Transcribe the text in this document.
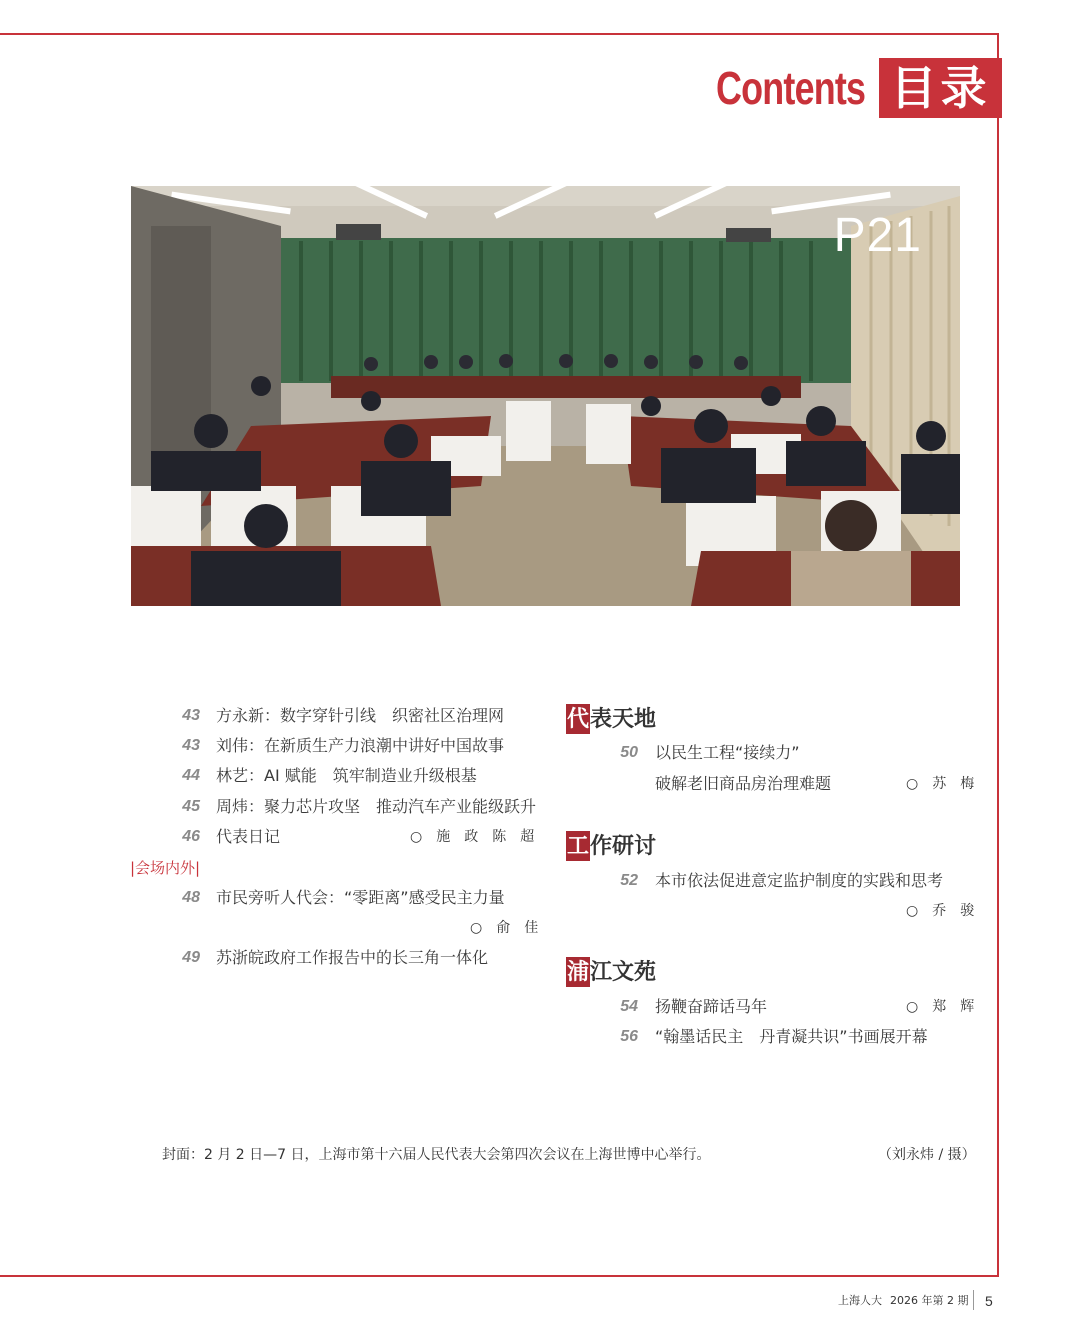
Contents 目录
P21
43 方永新：数字穿针引线　织密社区治理网
43 刘伟：在新质生产力浪潮中讲好中国故事
44 林艺：AI 赋能　筑牢制造业升级根基
45 周炜：聚力芯片攻坚　推动汽车产业能级跃升
46 代表日记	○施政陈超
|会场内外|
48 市民旁听人代会：“零距离”感受民主力量
○俞佳
49 苏浙皖政府工作报告中的长三角一体化
代表天地
50 以民生工程“接续力”
破解老旧商品房治理难题	○苏梅
工作研讨
52 本市依法促进意定监护制度的实践和思考
○乔骏
浦江文苑
54 扬鞭奋蹄话马年	○郑辉
56 “翰墨话民主　丹青凝共识”书画展开幕
封面：2 月 2 日—7 日，上海市第十六届人民代表大会第四次会议在上海世博中心举行。	（刘永炜 / 摄）
上海人大 2026 年第 2 期 5
